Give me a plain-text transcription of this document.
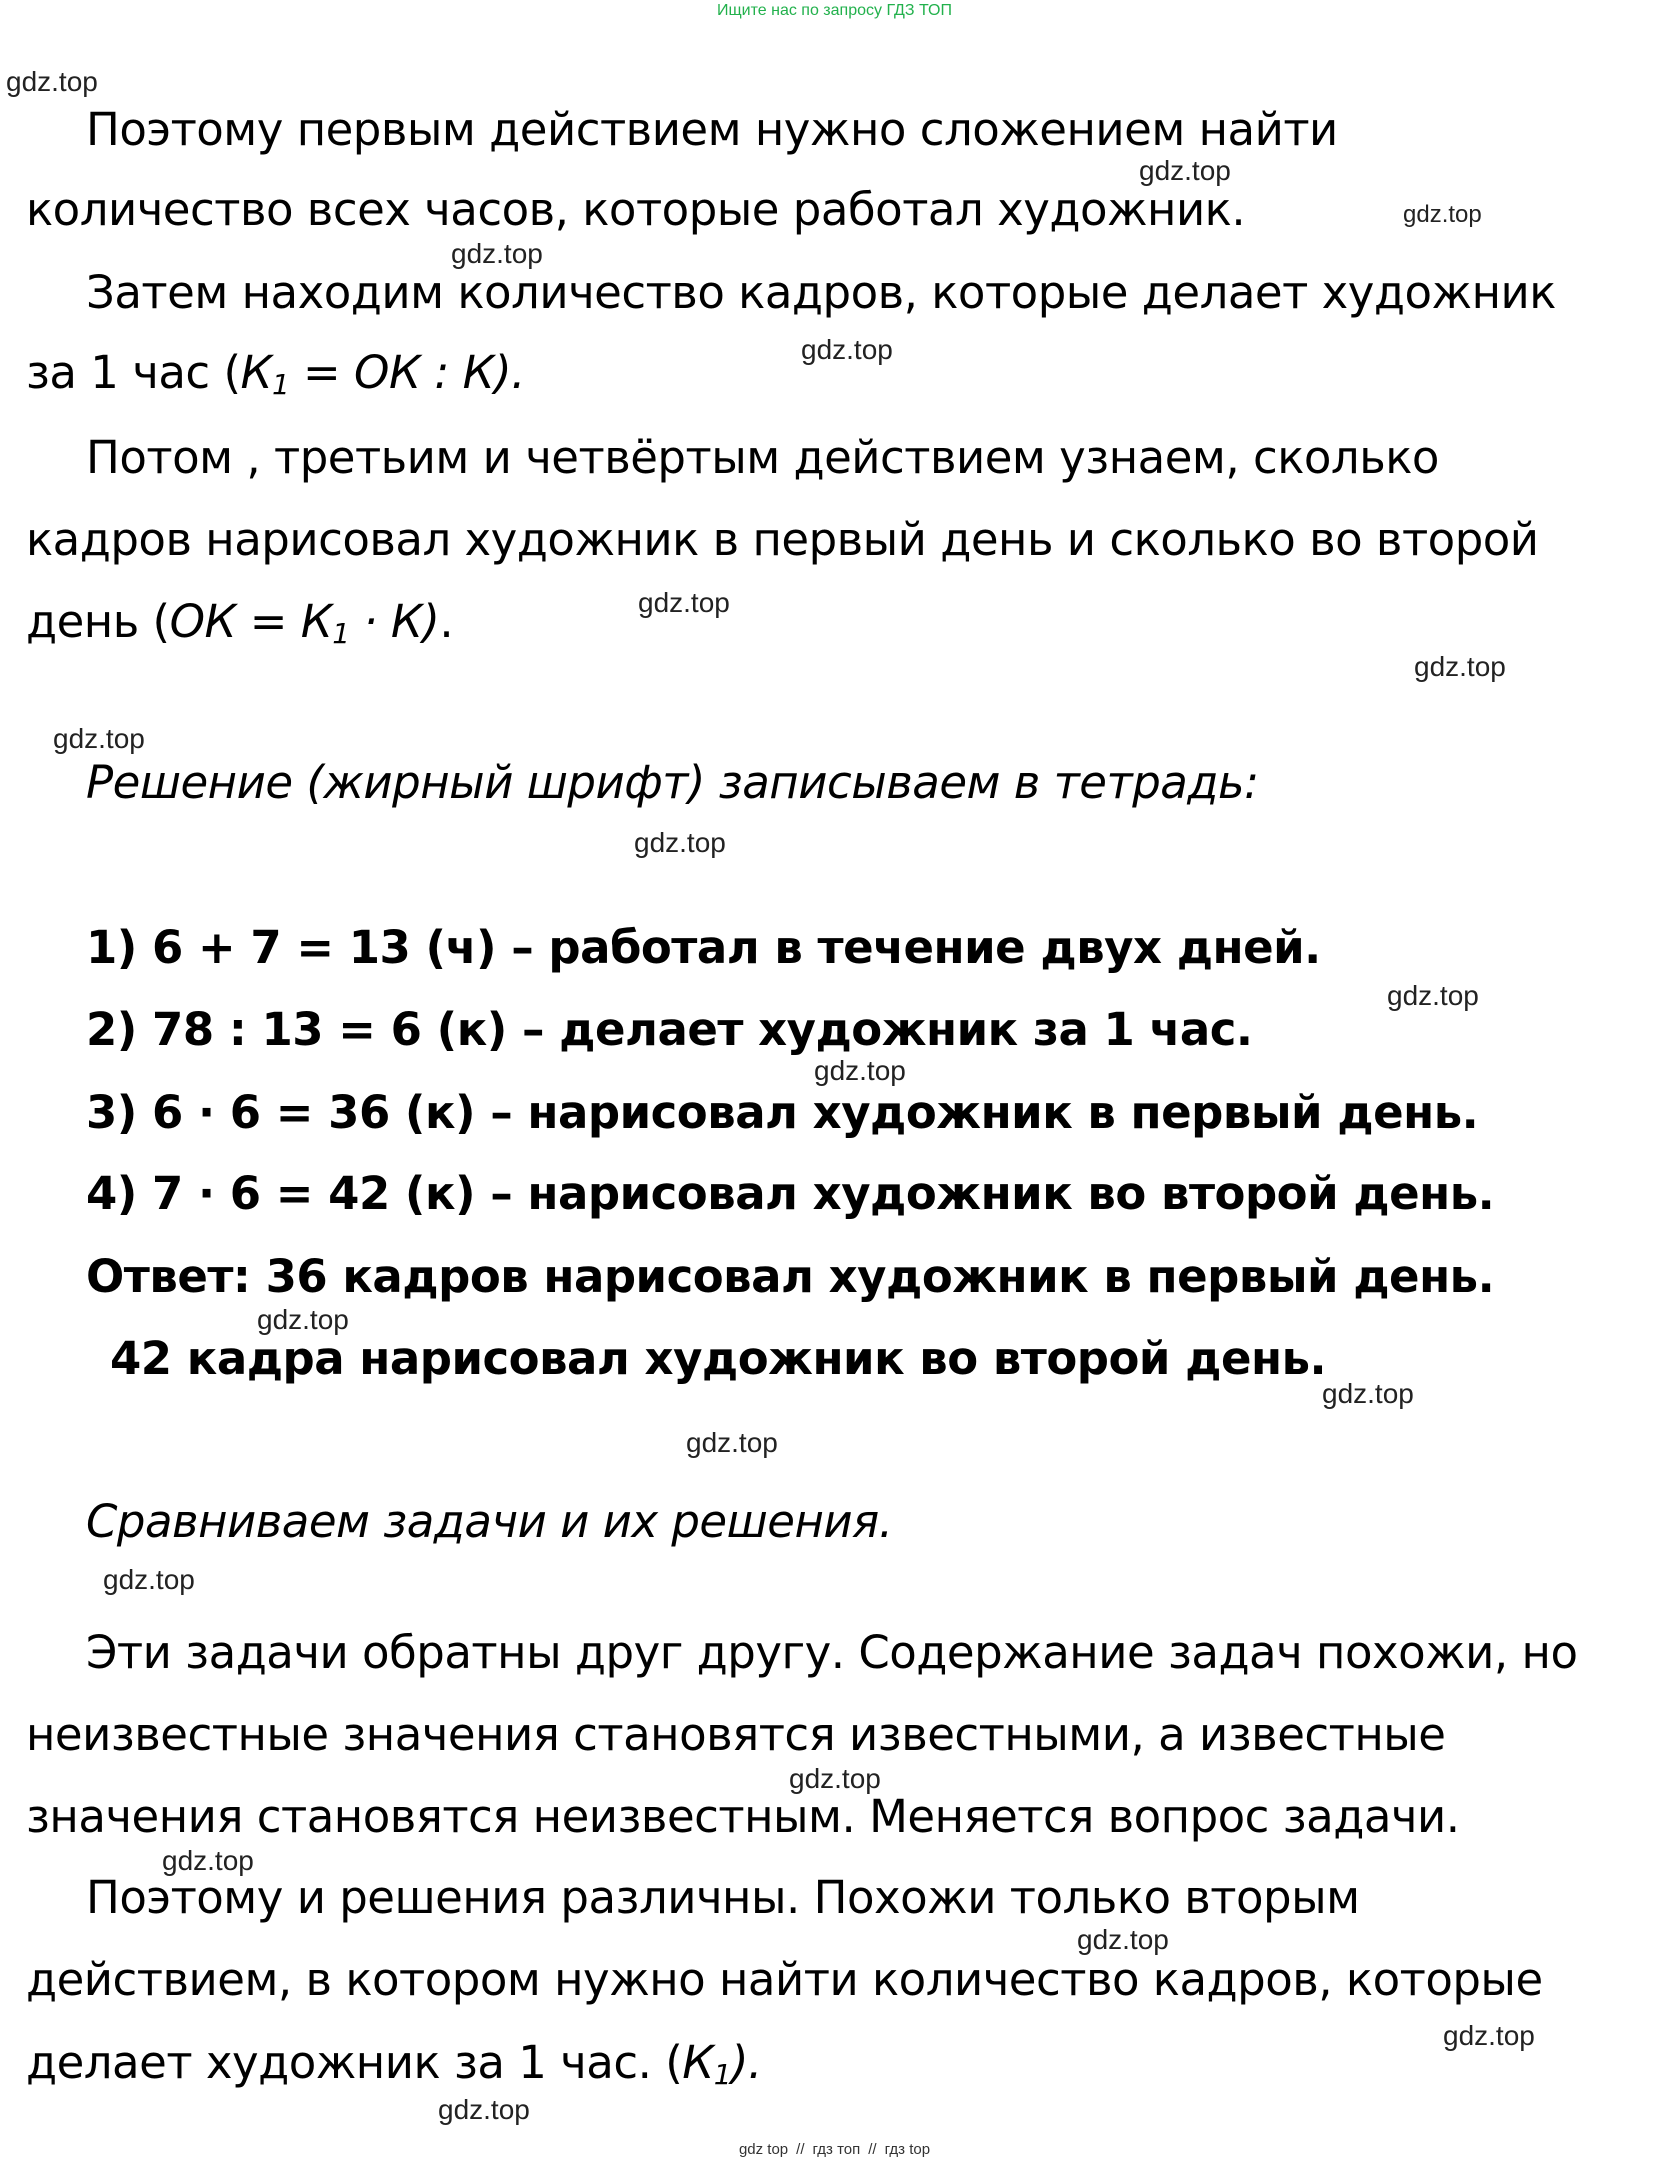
Ищите нас по запросу ГДЗ ТОП
Поэтому первым действием нужно сложением найти
количество всех часов, которые работал художник.
Затем находим количество кадров, которые делает художник
за 1 час ($К_1$ = ОК : К).
Потом , третьим и четвёртым действием узнаем, сколько
кадров нарисовал художник в первый день и сколько во второй
день $(ОК = К_1 \cdot К)$.
Решение (жирный шрифт) записываем в тетрадь:
1) 6 + 7 = 13 (ч) – работал в течение двух дней.
2) 78 : 13 = 6 (к) – делает художник за 1 час.
3) 6 · 6 = 36 (к) – нарисовал художник в первый день.
4) 7 · 6 = 42 (к) – нарисовал художник во второй день.
Ответ: 36 кадров нарисовал художник в первый день.
42 кадра нарисовал художник во второй день.
Сравниваем задачи и их решения.
Эти задачи обратны друг другу. Содержание задач похожи, но
неизвестные значения становятся известными, а известные
значения становятся неизвестным. Меняется вопрос задачи.
Поэтому и решения различны. Похожи только вторым
действием, в котором нужно найти количество кадров, которые
делает художник за 1 час. $(К_1)$.
gdz.top
gdz.top
gdz.top
gdz.top
gdz.top
gdz.top
gdz.top
gdz.top
gdz.top
gdz.top
gdz.top
gdz.top
gdz.top
gdz.top
gdz.top
gdz.top
gdz.top
gdz.top
gdz.top
gdz.top
gdz top // гдз топ // гдз top
